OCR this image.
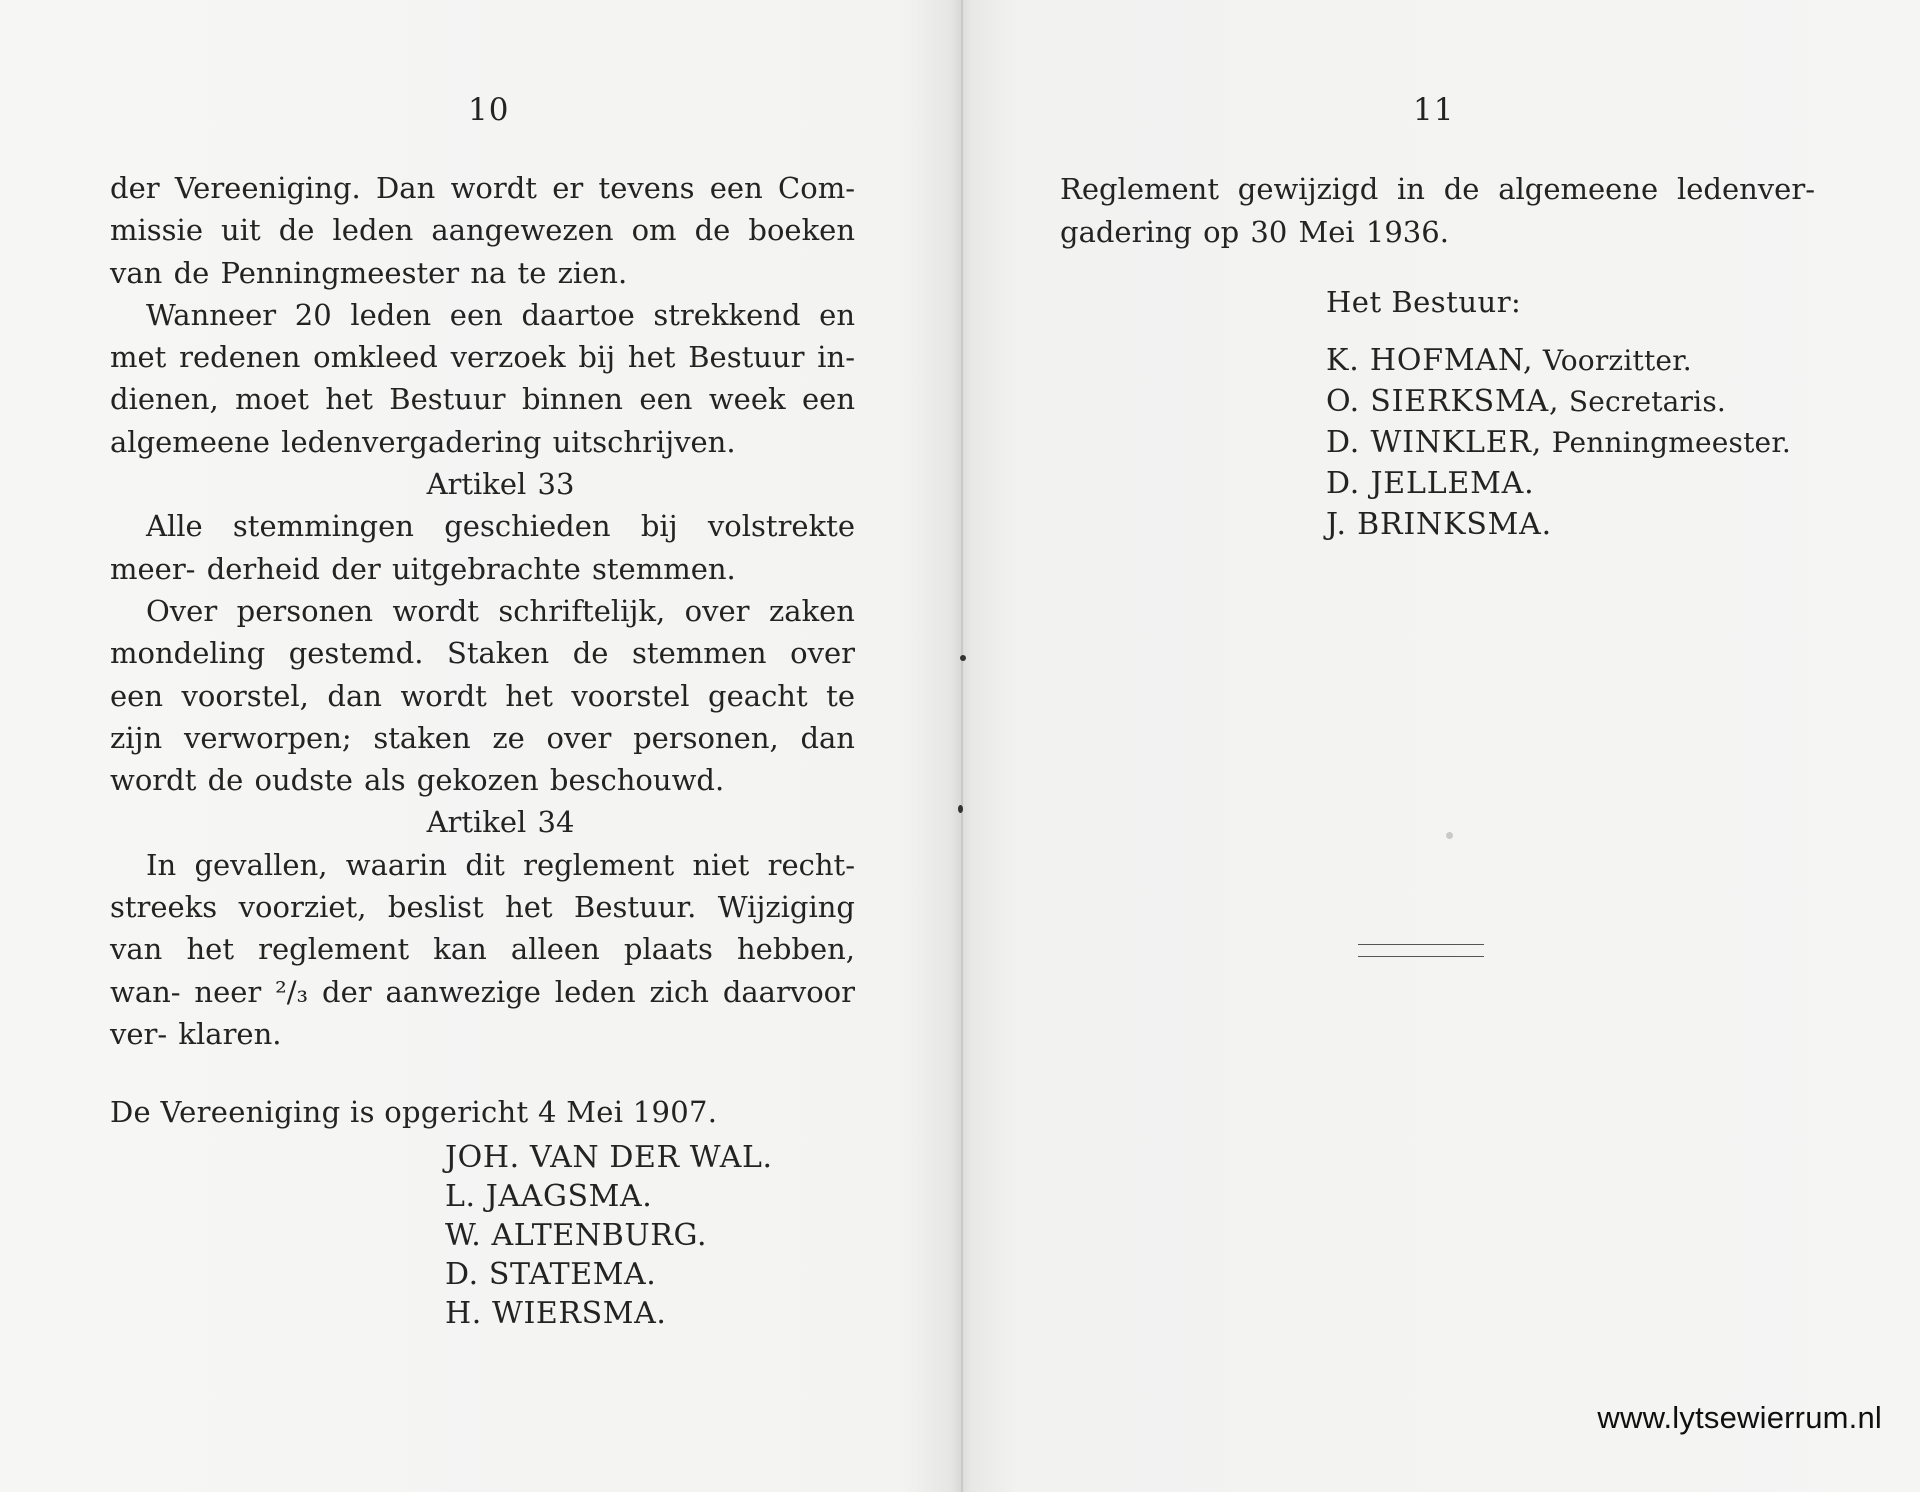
10

der Vereeniging. Dan wordt er tevens een Com- missie uit de leden aangewezen om de boeken van de Penningmeester na te zien.

Wanneer 20 leden een daartoe strekkend en met redenen omkleed verzoek bij het Bestuur in- dienen, moet het Bestuur binnen een week een algemeene ledenvergadering uitschrijven.

Artikel 33

Alle stemmingen geschieden bij volstrekte meer- derheid der uitgebrachte stemmen.

Over personen wordt schriftelijk, over zaken mondeling gestemd. Staken de stemmen over een voorstel, dan wordt het voorstel geacht te zijn verworpen; staken ze over personen, dan wordt de oudste als gekozen beschouwd.

Artikel 34

In gevallen, waarin dit reglement niet recht- streeks voorziet, beslist het Bestuur. Wijziging van het reglement kan alleen plaats hebben, wan- neer ²/₃ der aanwezige leden zich daarvoor ver- klaren.

De Vereeniging is opgericht 4 Mei 1907.

JOH. VAN DER WAL.
L. JAAGSMA.
W. ALTENBURG.
D. STATEMA.
H. WIERSMA.
11

Reglement gewijzigd in de algemeene ledenver- gadering op 30 Mei 1936.

Het Bestuur:

K. HOFMAN, Voorzitter.
O. SIERKSMA, Secretaris.
D. WINKLER, Penningmeester.
D. JELLEMA.
J. BRINKSMA.
www.lytsewierrum.nl
